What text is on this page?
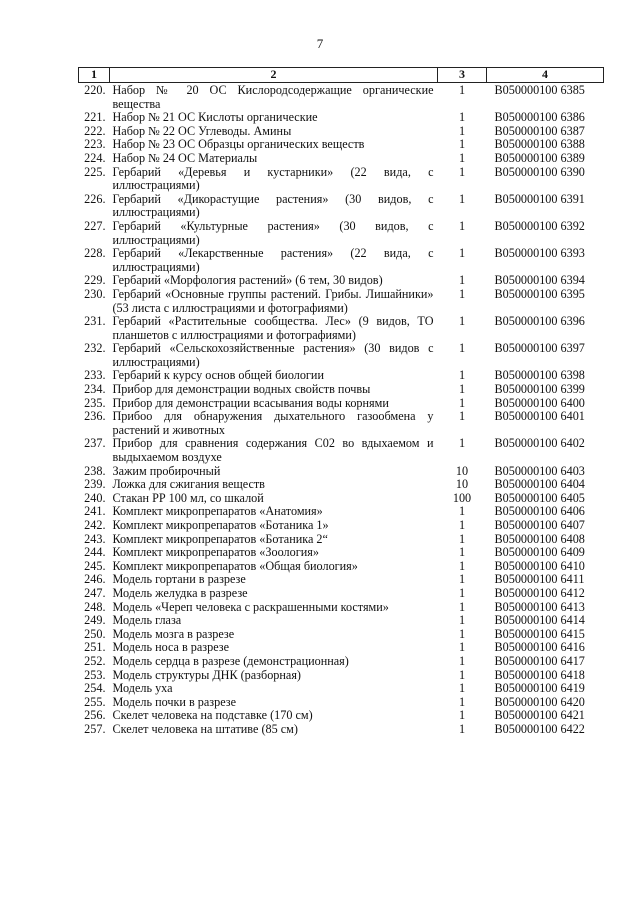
7
1	2	3	4
220.	Набор № 20 ОС Кислородсодержащие органические вещества	1	В050000100 6385
221.	Набор № 21 ОС Кислоты органические	1	В050000100 6386
222.	Набор № 22 ОС Углеводы. Амины	1	В050000100 6387
223.	Набор № 23 ОС Образцы органических веществ	1	В050000100 6388
224.	Набор № 24 ОС Материалы	1	В050000100 6389
225.	Гербарий «Деревья и кустарники» (22 вида, с иллюстрациями)	1	В050000100 6390
226.	Гербарий «Дикорастущие растения» (30 видов, с иллюстрациями)	1	В050000100 6391
227.	Гербарий «Культурные растения» (30 видов, с иллюстрациями)	1	В050000100 6392
228.	Гербарий «Лекарственные растения» (22 вида, с иллюстрациями)	1	В050000100 6393
229.	Гербарий «Морфология растений» (6 тем, 30 видов)	1	В050000100 6394
230.	Гербарий «Основные группы растений. Грибы. Лишайники» (53 листа с иллюстрациями и фотографиями)	1	В050000100 6395
231.	Гербарий «Растительные сообщества. Лес» (9 видов, ТО планшетов с иллюстрациями и фотографиями)	1	В050000100 6396
232.	Гербарий «Сельскохозяйственные растения» (30 видов с иллюстрациями)	1	В050000100 6397
233.	Гербарий к курсу основ общей биологии	1	В050000100 6398
234.	Прибор для демонстрации водных свойств почвы	1	В050000100 6399
235.	Прибор для демонстрации всасывания воды корнями	1	В050000100 6400
236.	Прибоо для обнаружения дыхательного газообмена у растений и животных	1	В050000100 6401
237.	Прибор для сравнения содержания С02 во вдыхаемом и выдыхаемом воздухе	1	В050000100 6402
238.	Зажим пробирочный	10	В050000100 6403
239.	Ложка для сжигания веществ	10	В050000100 6404
240.	Стакан РР 100 мл, со шкалой	100	В050000100 6405
241.	Комплект микропрепаратов «Анатомия»	1	В050000100 6406
242.	Комплект микропрепаратов «Ботаника 1»	1	В050000100 6407
243.	Комплект микропрепаратов «Ботаника 2“	1	В050000100 6408
244.	Комплект микропрепаратов «Зоология»	1	В050000100 6409
245.	Комплект микропрепаратов «Общая биология»	1	В050000100 6410
246.	Модель гортани в разрезе	1	В050000100 6411
247.	Модель желудка в разрезе	1	В050000100 6412
248.	Модель «Череп человека с раскрашенными костями»	1	В050000100 6413
249.	Модель глаза	1	В050000100 6414
250.	Модель мозга в разрезе	1	В050000100 6415
251.	Модель носа в разрезе	1	В050000100 6416
252.	Модель сердца в разрезе (демонстрационная)	1	В050000100 6417
253.	Модель структуры ДНК (разборная)	1	В050000100 6418
254.	Модель уха	1	В050000100 6419
255.	Модель почки в разрезе	1	В050000100 6420
256.	Скелет человека на подставке (170 см)	1	В050000100 6421
257.	Скелет человека на штативе (85 см)	1	В050000100 6422
